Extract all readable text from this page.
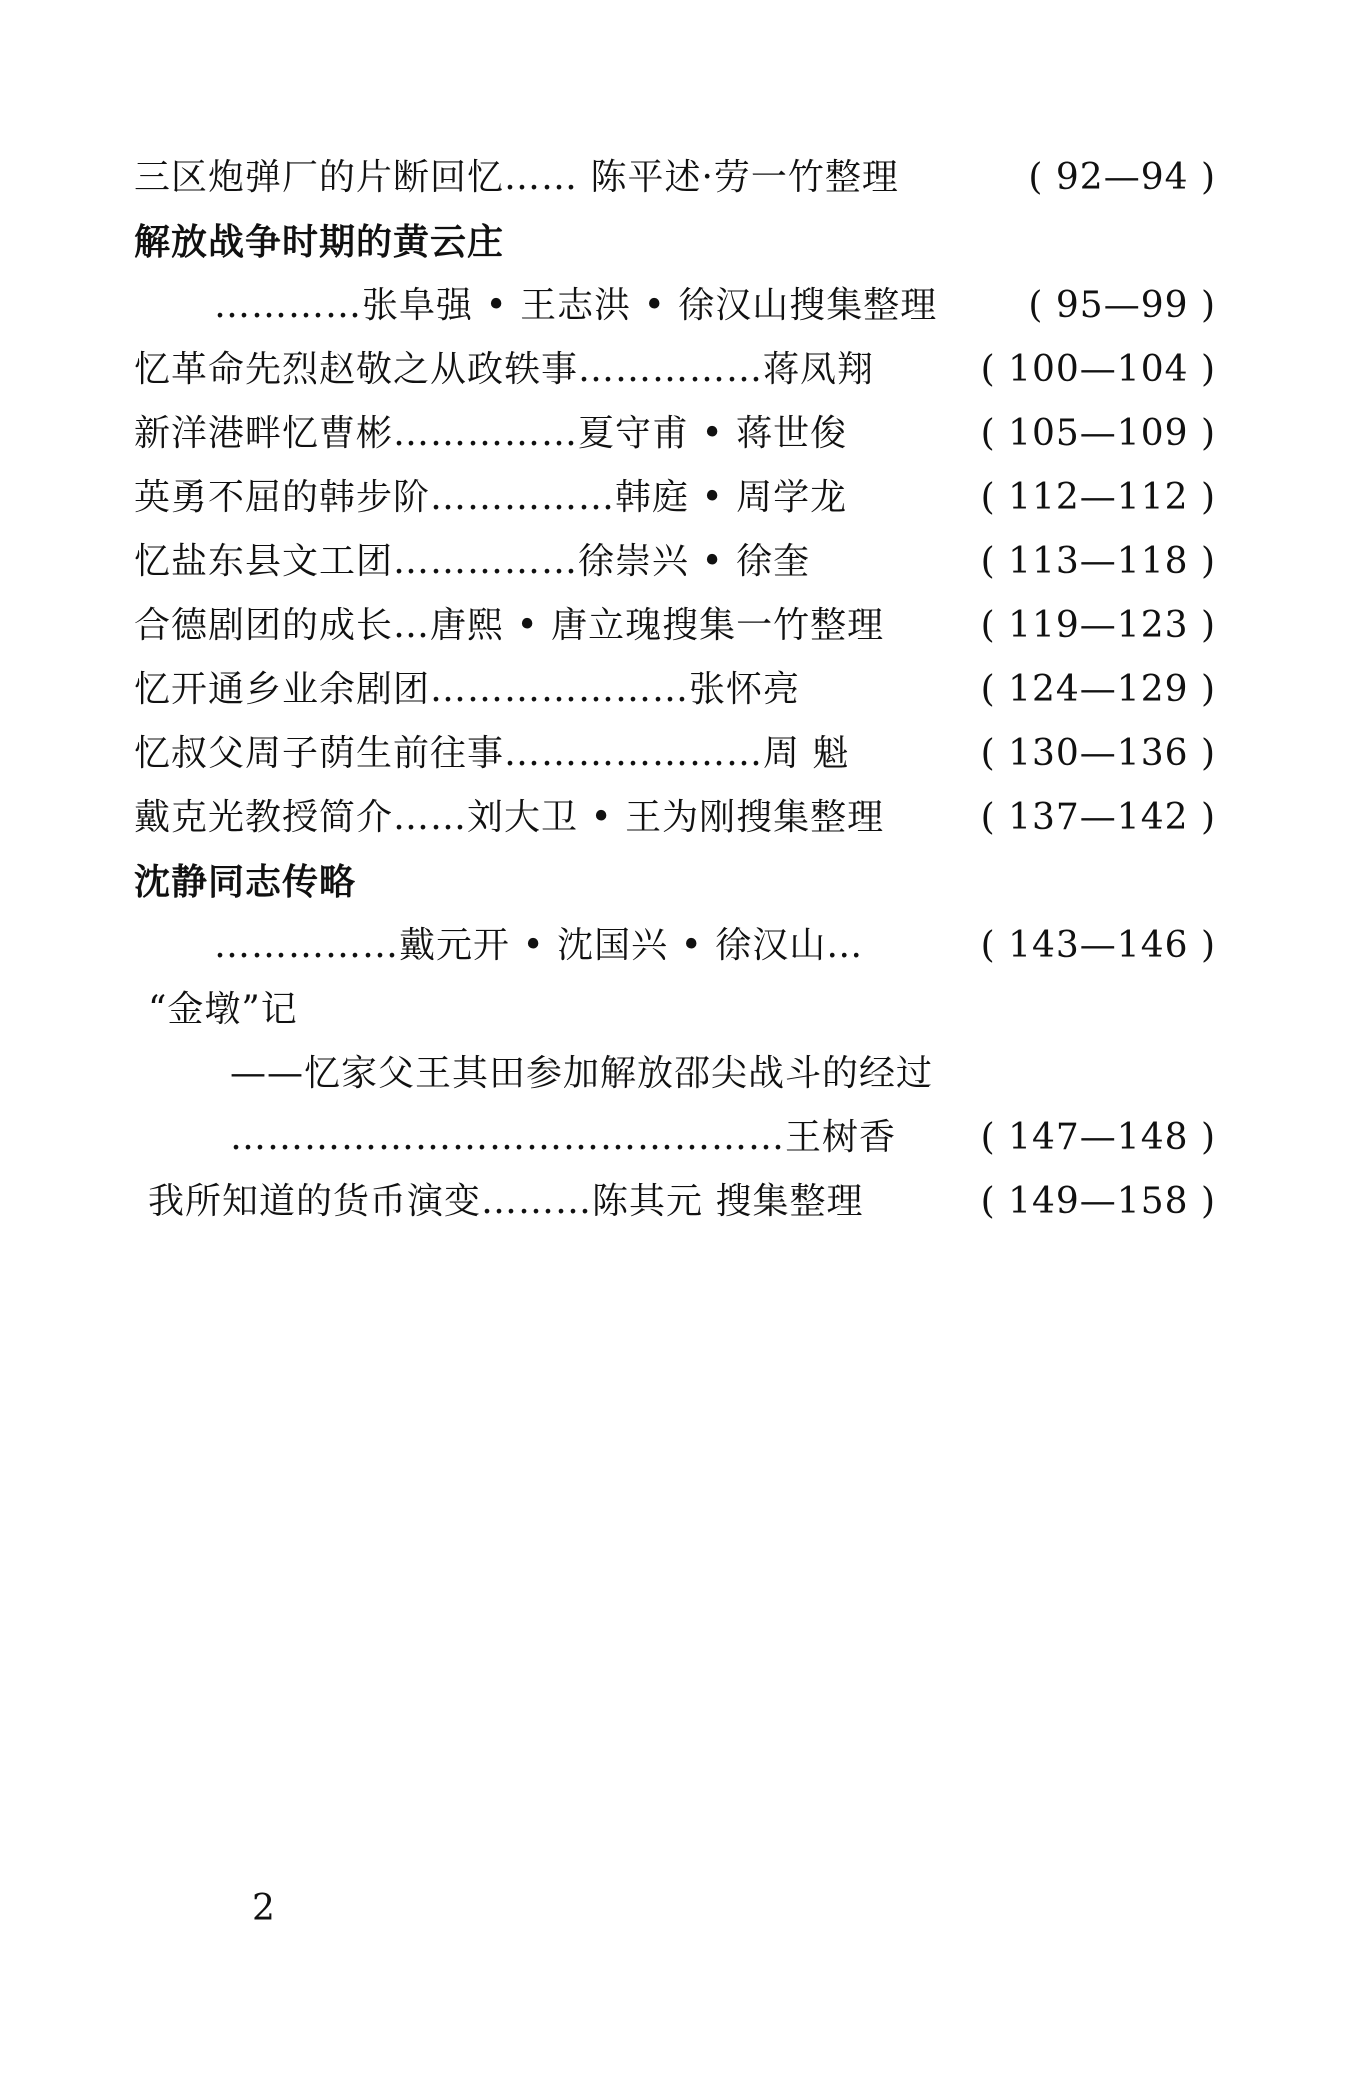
三区炮弹厂的片断回忆…… 陈平述·劳一竹整理	( 92—94 )
解放战争时期的黄云庄
…………张阜强 • 王志洪 • 徐汉山搜集整理	( 95—99 )
忆革命先烈赵敬之从政轶事……………蒋凤翔	( 100—104 )
新洋港畔忆曹彬……………夏守甫 • 蒋世俊	( 105—109 )
英勇不屈的韩步阶……………韩庭 • 周学龙	( 112—112 )
忆盐东县文工团……………徐崇兴 • 徐奎	( 113—118 )
合德剧团的成长…唐熙 • 唐立瑰搜集一竹整理	( 119—123 )
忆开通乡业余剧团…………………张怀亮	( 124—129 )
忆叔父周子荫生前往事…………………周 魁	( 130—136 )
戴克光教授简介……刘大卫 • 王为刚搜集整理	( 137—142 )
沈静同志传略
……………戴元开 • 沈国兴 • 徐汉山…	( 143—146 )
“金墩”记
——忆家父王其田参加解放邵尖战斗的经过
………………………………………王树香 ( 147—148 )
我所知道的货币演变………陈其元 搜集整理	( 149—158 )
2
